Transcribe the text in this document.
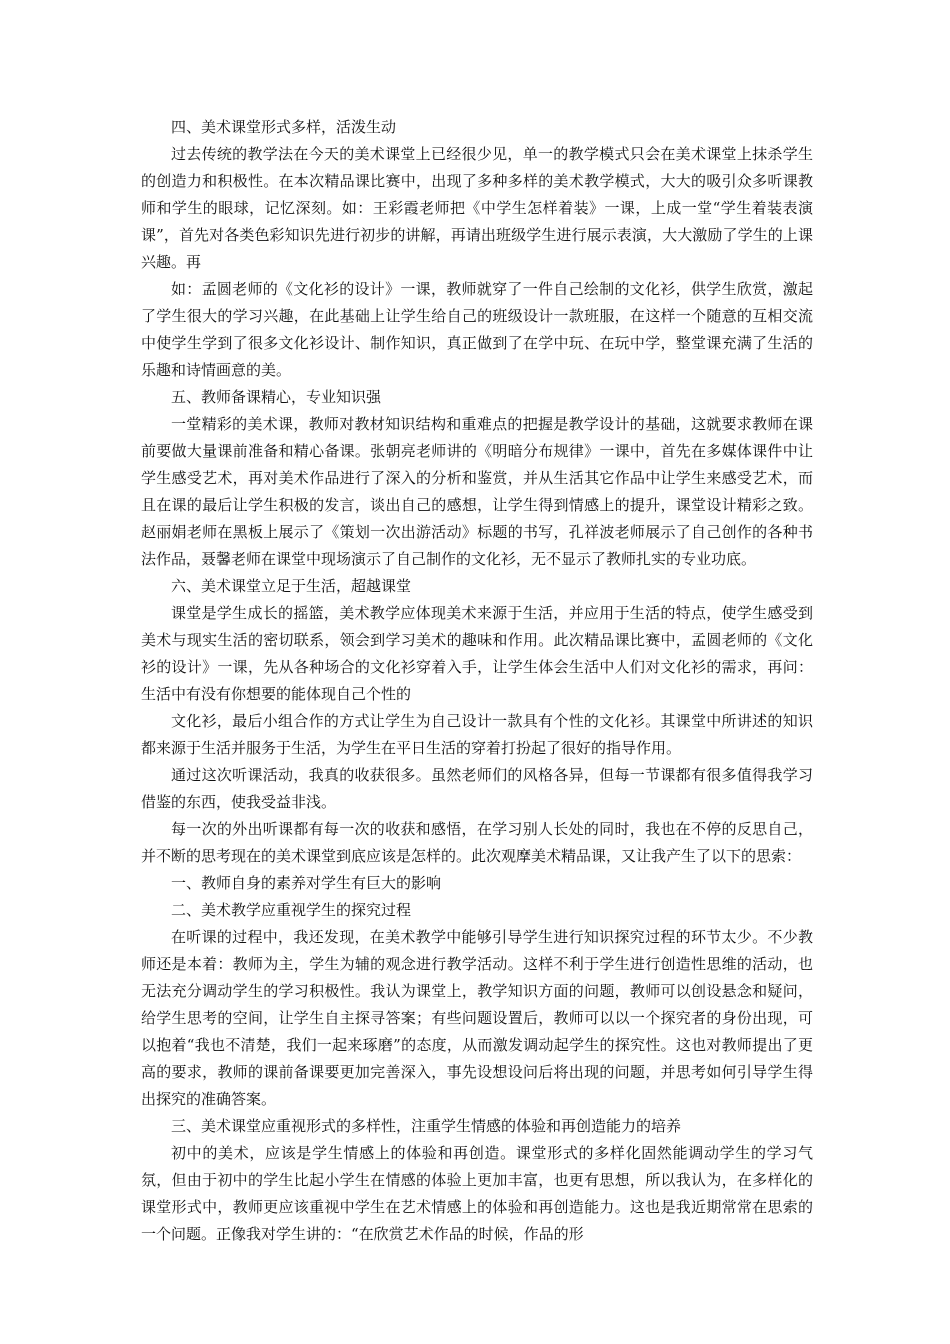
四、美术课堂形式多样，活泼生动

过去传统的教学法在今天的美术课堂上已经很少见，单一的教学模式只会在美术课堂上抹杀学生的创造力和积极性。在本次精品课比赛中，出现了多种多样的美术教学模式，大大的吸引众多听课教师和学生的眼球，记忆深刻。如：王彩霞老师把《中学生怎样着装》一课，上成一堂“学生着装表演课”，首先对各类色彩知识先进行初步的讲解，再请出班级学生进行展示表演，大大激励了学生的上课兴趣。再

如：孟圆老师的《文化衫的设计》一课，教师就穿了一件自己绘制的文化衫，供学生欣赏，激起了学生很大的学习兴趣，在此基础上让学生给自己的班级设计一款班服，在这样一个随意的互相交流中使学生学到了很多文化衫设计、制作知识，真正做到了在学中玩、在玩中学，整堂课充满了生活的乐趣和诗情画意的美。

五、教师备课精心，专业知识强

一堂精彩的美术课，教师对教材知识结构和重难点的把握是教学设计的基础，这就要求教师在课前要做大量课前准备和精心备课。张朝亮老师讲的《明暗分布规律》一课中，首先在多媒体课件中让学生感受艺术，再对美术作品进行了深入的分析和鉴赏，并从生活其它作品中让学生来感受艺术，而且在课的最后让学生积极的发言，谈出自己的感想，让学生得到情感上的提升，课堂设计精彩之致。赵丽娟老师在黑板上展示了《策划一次出游活动》标题的书写，孔祥波老师展示了自己创作的各种书法作品，聂馨老师在课堂中现场演示了自己制作的文化衫，无不显示了教师扎实的专业功底。

六、美术课堂立足于生活，超越课堂

课堂是学生成长的摇篮，美术教学应体现美术来源于生活，并应用于生活的特点，使学生感受到美术与现实生活的密切联系，领会到学习美术的趣味和作用。此次精品课比赛中，孟圆老师的《文化衫的设计》一课，先从各种场合的文化衫穿着入手，让学生体会生活中人们对文化衫的需求，再问：生活中有没有你想要的能体现自己个性的

文化衫，最后小组合作的方式让学生为自己设计一款具有个性的文化衫。其课堂中所讲述的知识都来源于生活并服务于生活，为学生在平日生活的穿着打扮起了很好的指导作用。

通过这次听课活动，我真的收获很多。虽然老师们的风格各异，但每一节课都有很多值得我学习借鉴的东西，使我受益非浅。

每一次的外出听课都有每一次的收获和感悟，在学习别人长处的同时，我也在不停的反思自己，并不断的思考现在的美术课堂到底应该是怎样的。此次观摩美术精品课，又让我产生了以下的思索：

一、教师自身的素养对学生有巨大的影响

二、美术教学应重视学生的探究过程

在听课的过程中，我还发现，在美术教学中能够引导学生进行知识探究过程的环节太少。不少教师还是本着：教师为主，学生为辅的观念进行教学活动。这样不利于学生进行创造性思维的活动，也无法充分调动学生的学习积极性。我认为课堂上，教学知识方面的问题，教师可以创设悬念和疑问，给学生思考的空间，让学生自主探寻答案；有些问题设置后，教师可以以一个探究者的身份出现，可以抱着“我也不清楚，我们一起来琢磨”的态度，从而激发调动起学生的探究性。这也对教师提出了更高的要求，教师的课前备课要更加完善深入，事先设想设问后将出现的问题，并思考如何引导学生得出探究的准确答案。

三、美术课堂应重视形式的多样性，注重学生情感的体验和再创造能力的培养

初中的美术，应该是学生情感上的体验和再创造。课堂形式的多样化固然能调动学生的学习气氛，但由于初中的学生比起小学生在情感的体验上更加丰富，也更有思想，所以我认为，在多样化的课堂形式中，教师更应该重视中学生在艺术情感上的体验和再创造能力。这也是我近期常常在思索的一个问题。正像我对学生讲的：“在欣赏艺术作品的时候，作品的形
